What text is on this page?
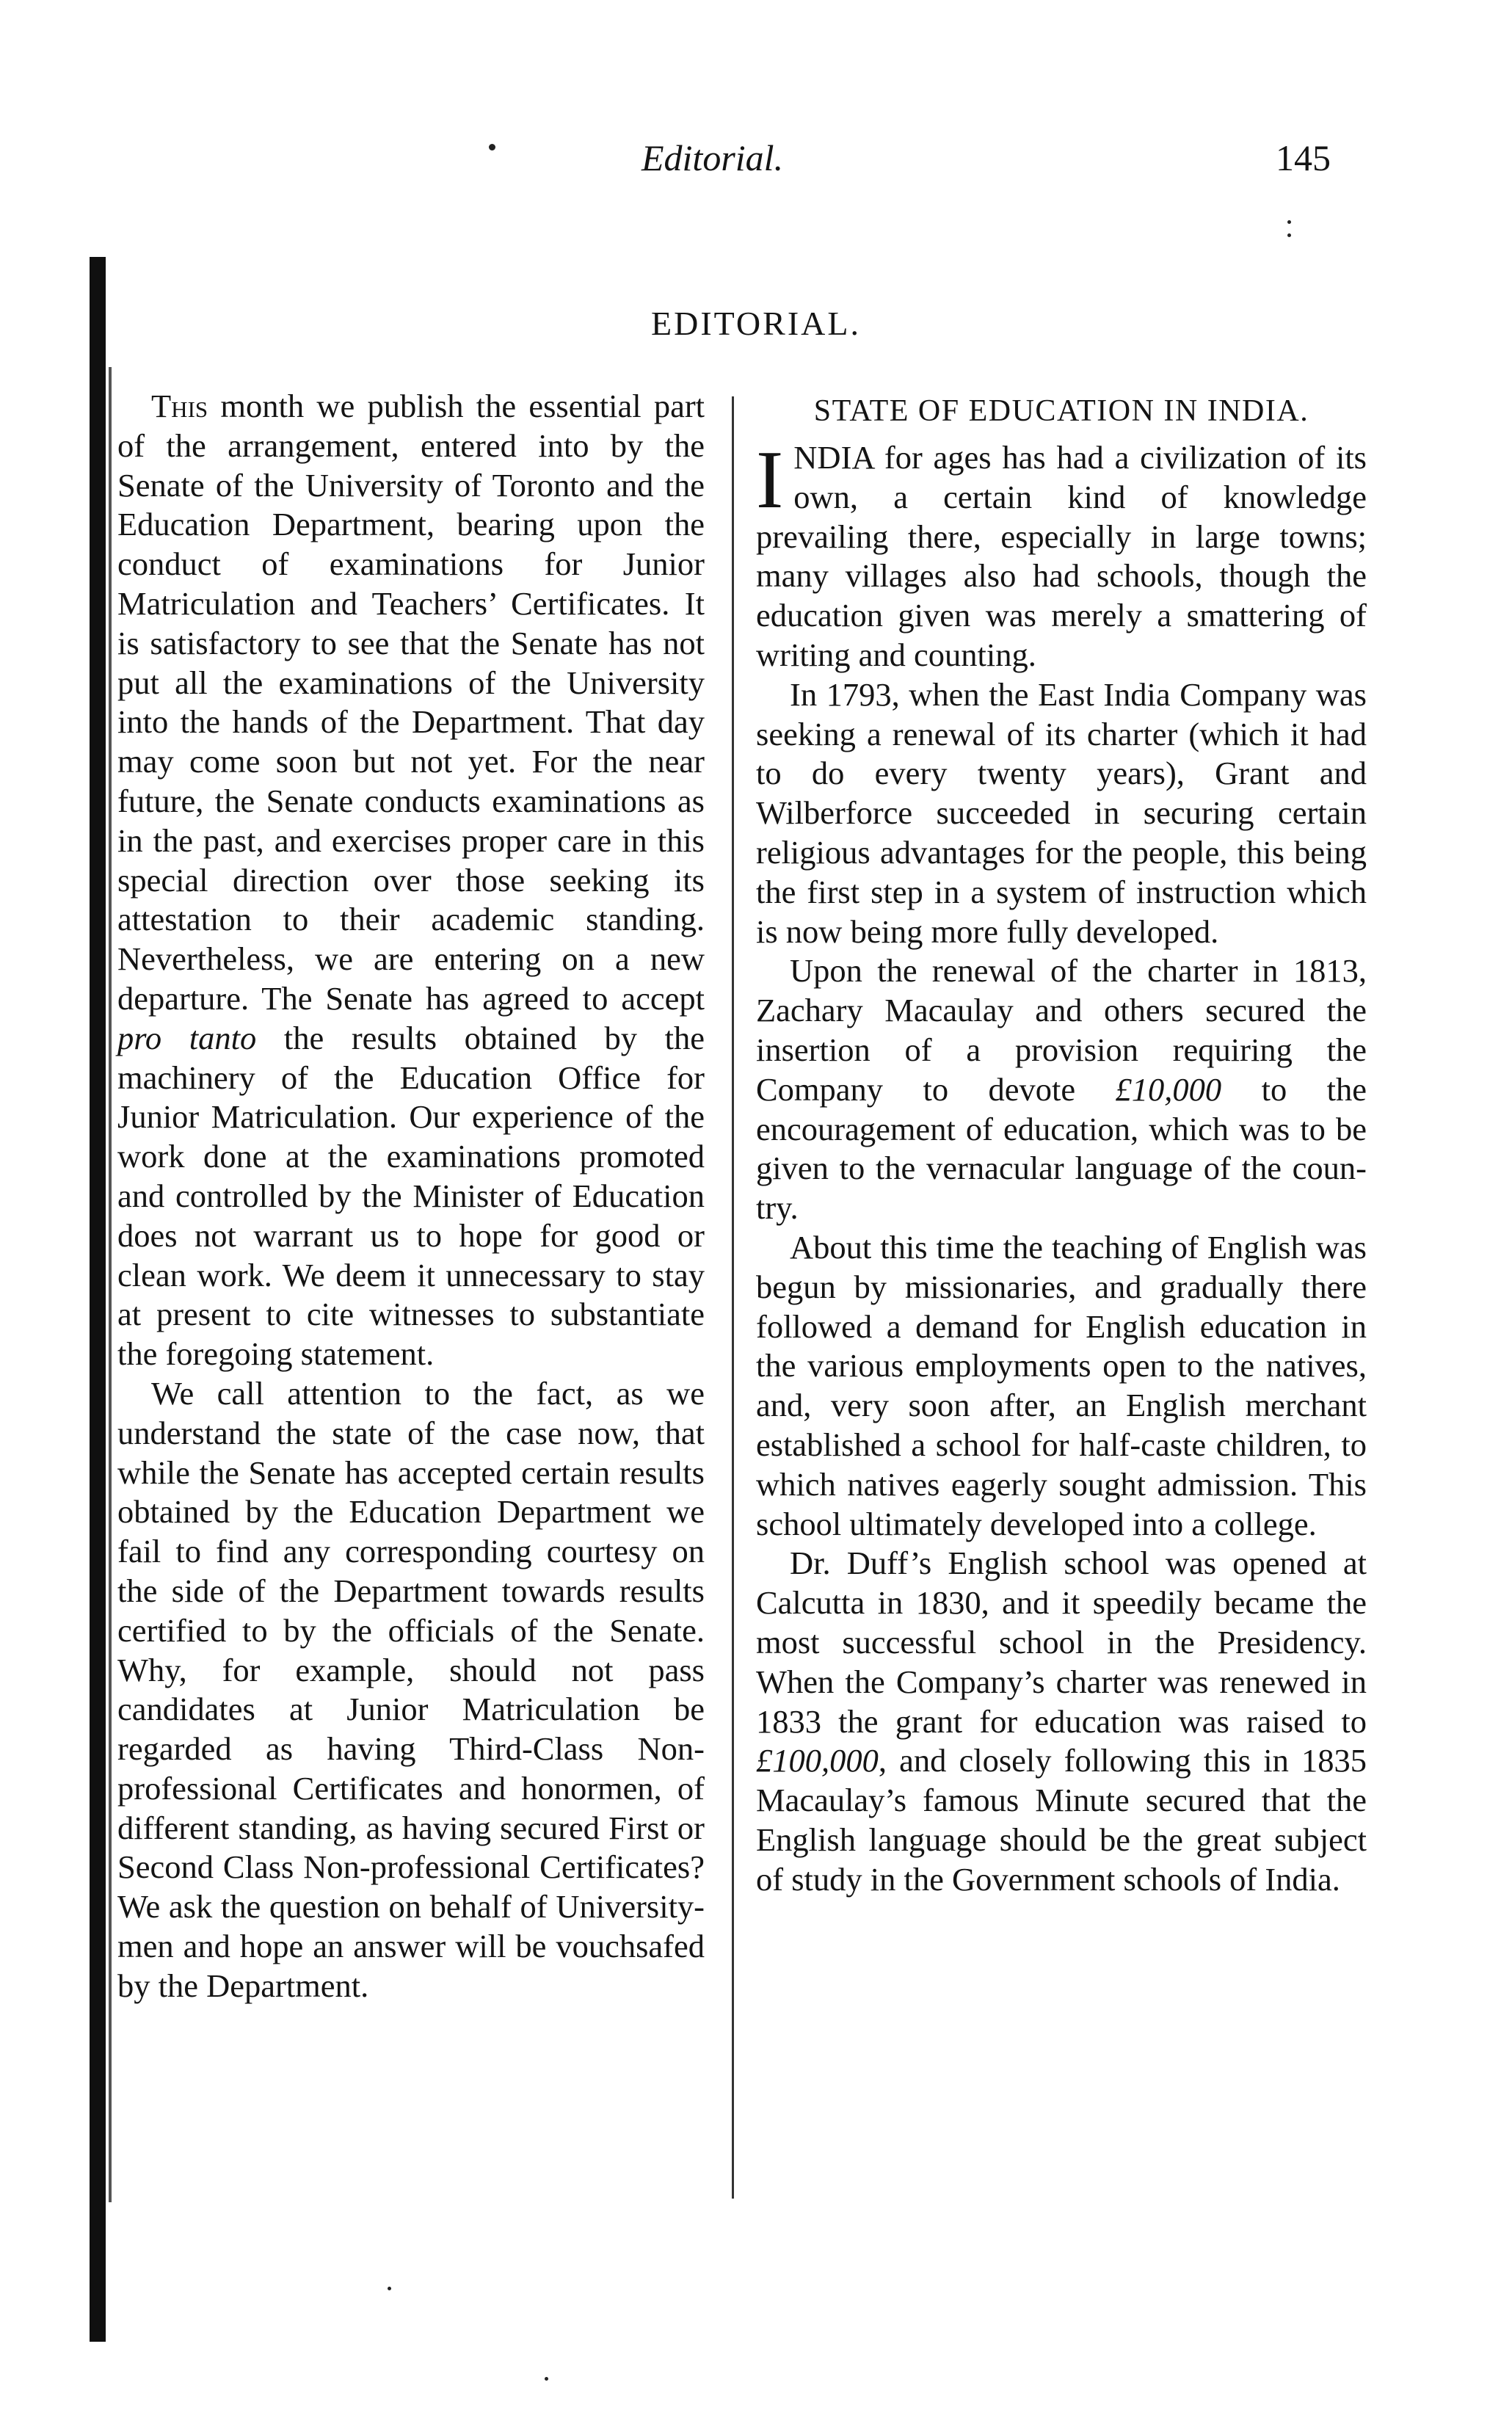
Editorial.	145
EDITORIAL.

This month we publish the essential part of the arrangement, entered into by the Senate of the University of Toronto and the Education Department, bearing upon the conduct of examinations for Junior Matriculation and Teachers’ Certificates. It is satisfactory to see that the Senate has not put all the examinations of the University into the hands of the Department. That day may come soon but not yet. For the near future, the Senate conducts examinations as in the past, and exercises proper care in this special direction over those seeking its attestation to their academic standing. Nevertheless, we are entering on a new departure. The Senate has agreed to accept pro tanto the results obtained by the machinery of the Education Office for Junior Matriculation. Our experience of the work done at the examinations promoted and controlled by the Minister of Education does not warrant us to hope for good or clean work. We deem it unnecessary to stay at present to cite witnesses to substantiate the foregoing statement.

We call attention to the fact, as we understand the state of the case now, that while the Senate has accepted certain results obtained by the Education Department we fail to find any corresponding courtesy on the side of the Department towards results certified to by the officials of the Senate. Why, for example, should not pass candidates at Junior Matriculation be regarded as having Third-Class Non-professional Certificates and honormen, of different standing, as having secured First or Second Class Non-professional Certificates? We ask the question on behalf of University-men and hope an answer will be vouchsafed by the Department.

STATE OF EDUCATION IN INDIA.

INDIA for ages has had a civilization of its own, a certain kind of knowledge prevailing there, especially in large towns; many villages also had schools, though the education given was merely a smattering of writing and counting.

In 1793, when the East India Company was seeking a renewal of its charter (which it had to do every twenty years), Grant and Wilberforce succeeded in securing certain religious advantages for the people, this being the first step in a system of instruction which is now being more fully developed.

Upon the renewal of the charter in 1813, Zachary Macaulay and others secured the insertion of a provision requiring the Company to devote £10,000 to the encouragement of education, which was to be given to the vernacular language of the country.

About this time the teaching of English was begun by missionaries, and gradually there followed a demand for English education in the various employments open to the natives, and, very soon after, an English merchant established a school for half-caste children, to which natives eagerly sought admission. This school ultimately developed into a college.

Dr. Duff’s English school was opened at Calcutta in 1830, and it speedily became the most successful school in the Presidency. When the Company’s charter was renewed in 1833 the grant for education was raised to £100,000, and closely following this in 1835 Macaulay’s famous Minute secured that the English language should be the great subject of study in the Government schools of India.
